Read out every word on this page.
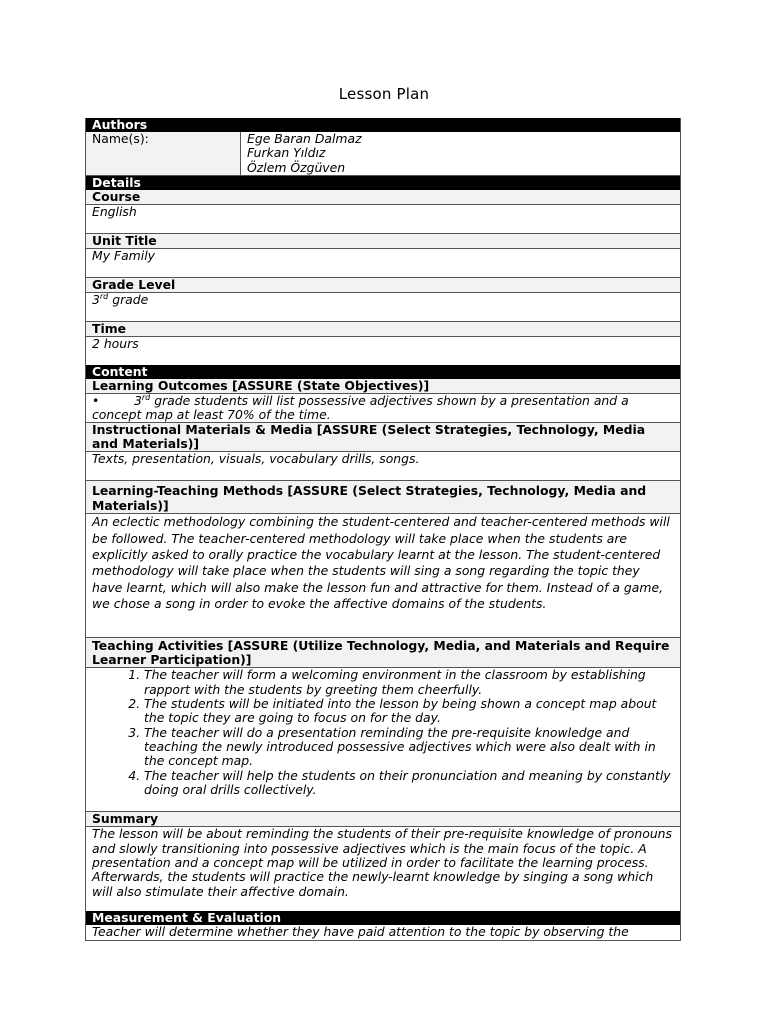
Lesson Plan
Authors
Name(s):	Ege Baran Dalmaz
Furkan Yıldız
Özlem Özgüven
Details
Course
English
Unit Title
My Family
Grade Level
3rd grade
Time
2 hours
Content
Learning Outcomes [ASSURE (State Objectives)]
•	3rd grade students will list possessive adjectives shown by a presentation and a
concept map at least 70% of the time.
Instructional Materials & Media [ASSURE (Select Strategies, Technology, Media and Materials)]
Texts, presentation, visuals, vocabulary drills, songs.
Learning-Teaching Methods [ASSURE (Select Strategies, Technology, Media and Materials)]
An eclectic methodology combining the student-centered and teacher-centered methods will be followed. The teacher-centered methodology will take place when the students are explicitly asked to orally practice the vocabulary learnt at the lesson. The student-centered methodology will take place when the students will sing a song regarding the topic they have learnt, which will also make the lesson fun and attractive for them. Instead of a game, we chose a song in order to evoke the affective domains of the students.
Teaching Activities [ASSURE (Utilize Technology, Media, and Materials and Require Learner Participation)]
1. The teacher will form a welcoming environment in the classroom by establishing rapport with the students by greeting them cheerfully.
2. The students will be initiated into the lesson by being shown a concept map about the topic they are going to focus on for the day.
3. The teacher will do a presentation reminding the pre-requisite knowledge and teaching the newly introduced possessive adjectives which were also dealt with in the concept map.
4. The teacher will help the students on their pronunciation and meaning by constantly doing oral drills collectively.
Summary
The lesson will be about reminding the students of their pre-requisite knowledge of pronouns and slowly transitioning into possessive adjectives which is the main focus of the topic. A presentation and a concept map will be utilized in order to facilitate the learning process. Afterwards, the students will practice the newly-learnt knowledge by singing a song which will also stimulate their affective domain.
Measurement & Evaluation
Teacher will determine whether they have paid attention to the topic by observing the
